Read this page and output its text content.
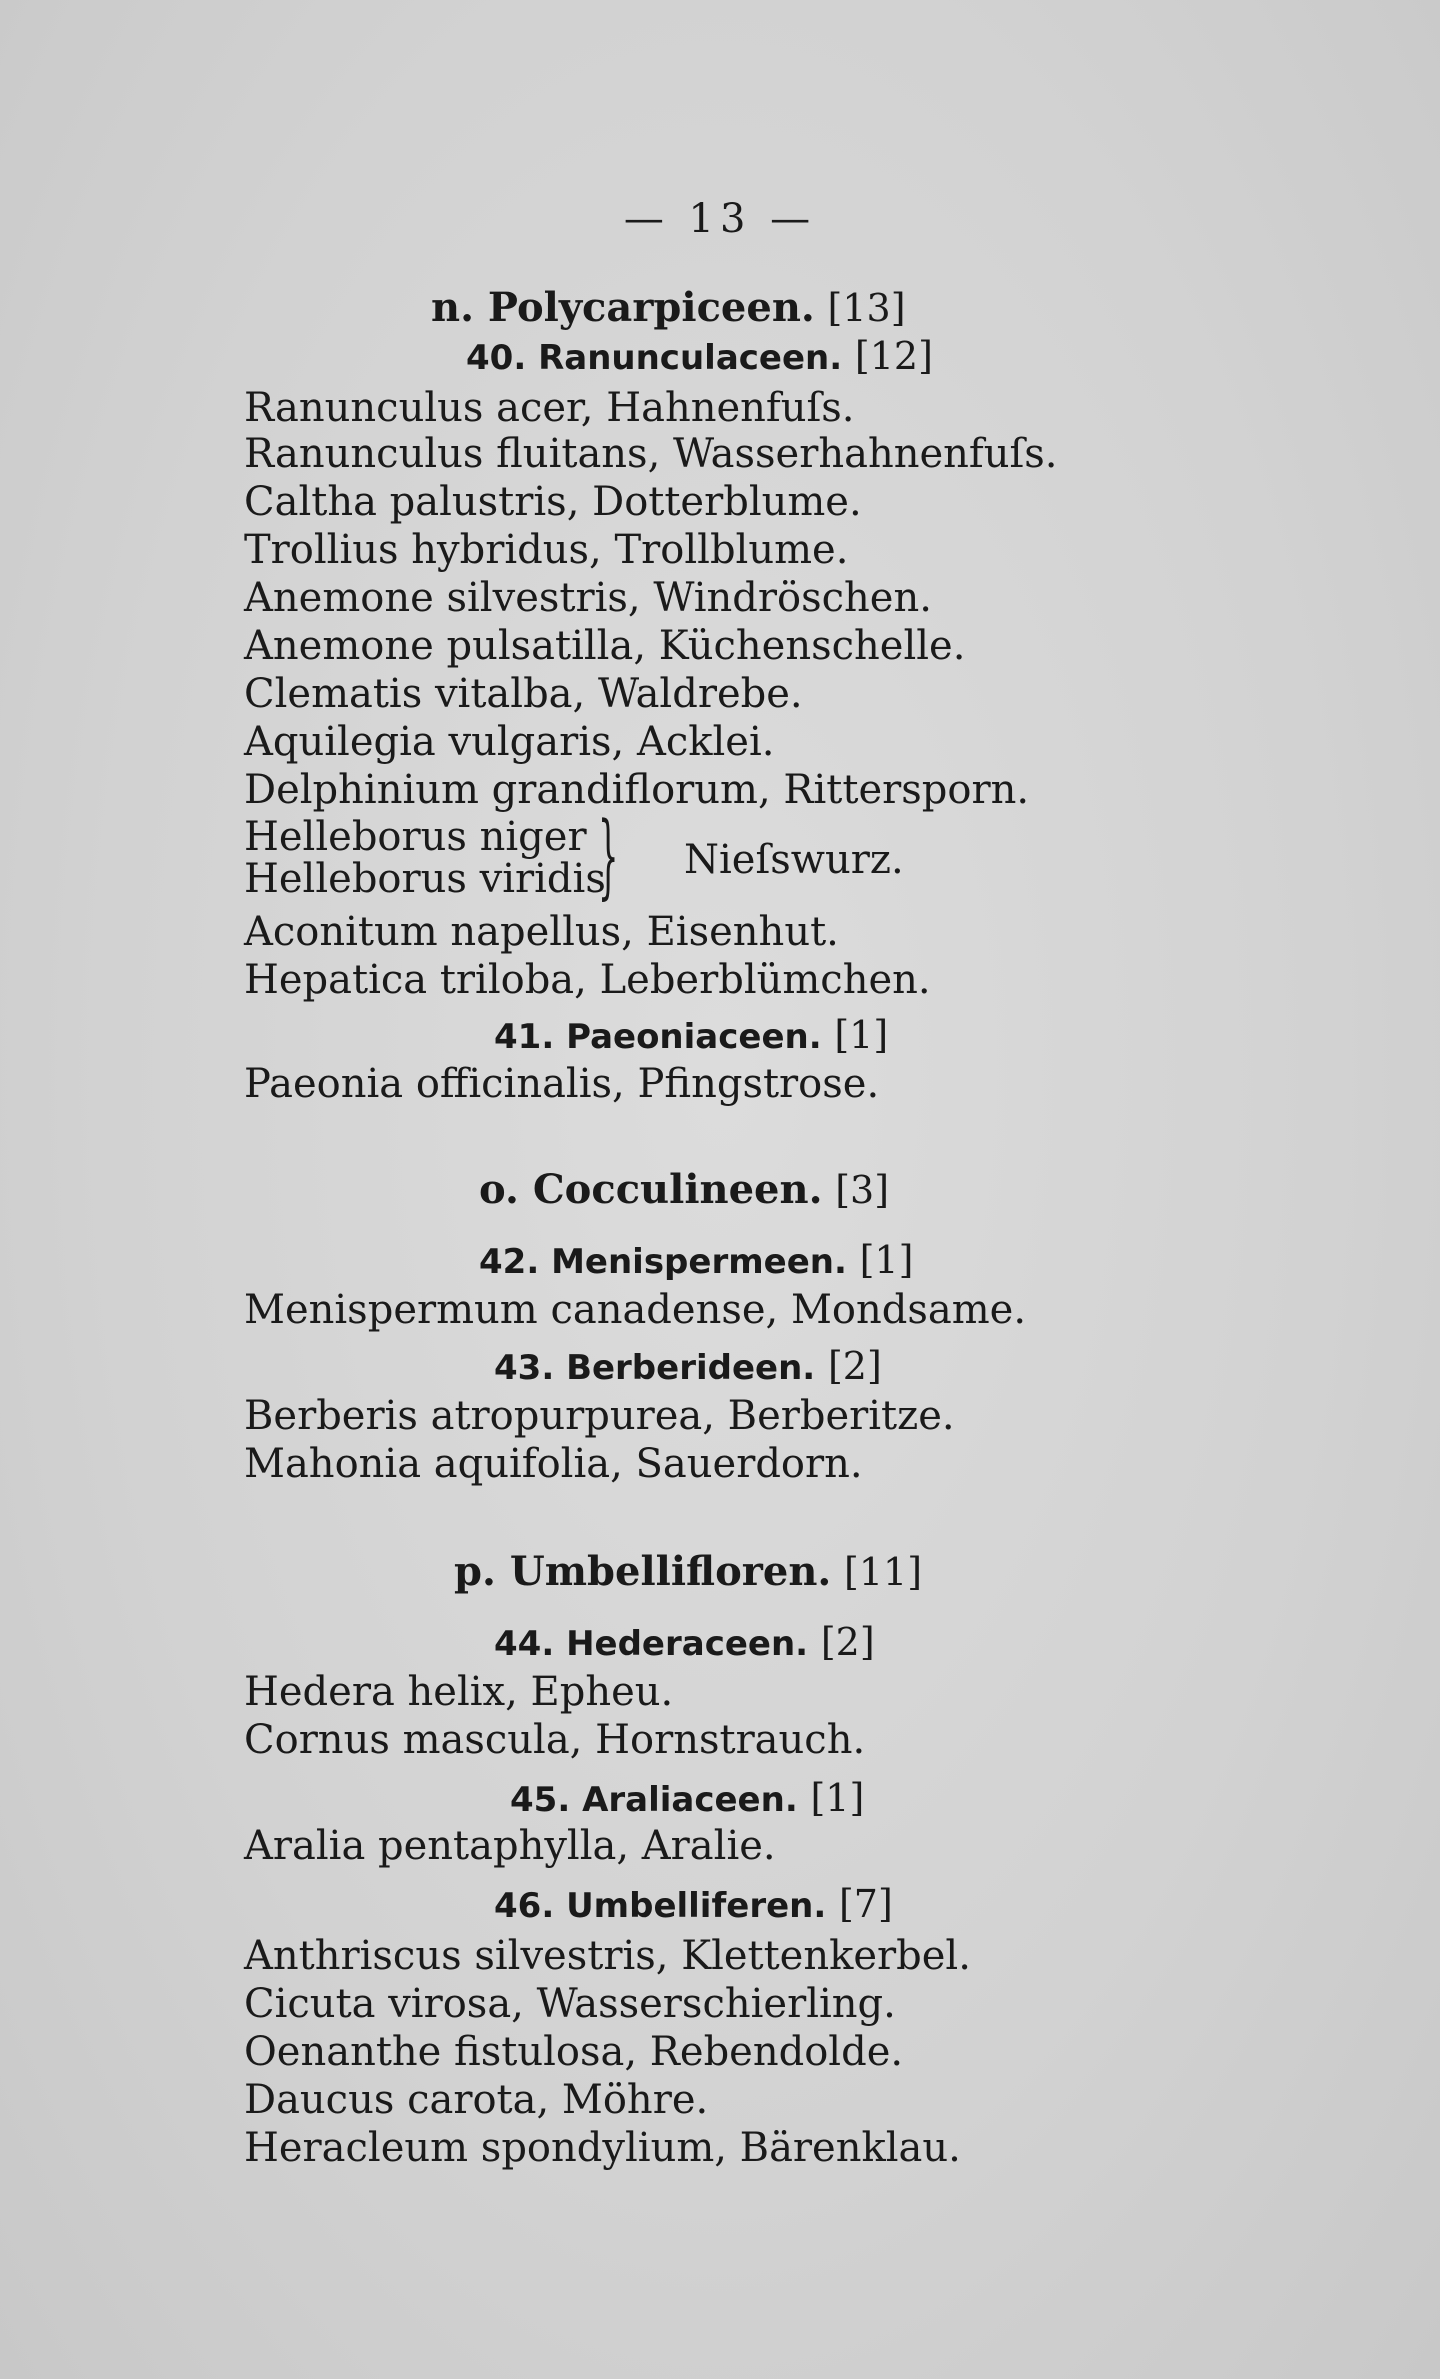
— 13 —
n. Polycarpiceen. [13]
40. Ranunculaceen. [12]
Ranunculus acer, Hahnenfuſs.
Ranunculus fluitans, Wasserhahnenfuſs.
Caltha palustris, Dotterblume.
Trollius hybridus, Trollblume.
Anemone silvestris, Windröschen.
Anemone pulsatilla, Küchenschelle.
Clematis vitalba, Waldrebe.
Aquilegia vulgaris, Acklei.
Delphinium grandiflorum, Rittersporn.
Helleborus niger
Helleborus viridis
} Nieſswurz.
Aconitum napellus, Eisenhut.
Hepatica triloba, Leberblümchen.
41. Paeoniaceen. [1]
Paeonia officinalis, Pfingstrose.
o. Cocculineen. [3]
42. Menispermeen. [1]
Menispermum canadense, Mondsame.
43. Berberideen. [2]
Berberis atropurpurea, Berberitze.
Mahonia aquifolia, Sauerdorn.
p. Umbellifloren. [11]
44. Hederaceen. [2]
Hedera helix, Epheu.
Cornus mascula, Hornstrauch.
45. Araliaceen. [1]
Aralia pentaphylla, Aralie.
46. Umbelliferen. [7]
Anthriscus silvestris, Klettenkerbel.
Cicuta virosa, Wasserschierling.
Oenanthe fistulosa, Rebendolde.
Daucus carota, Möhre.
Heracleum spondylium, Bärenklau.
